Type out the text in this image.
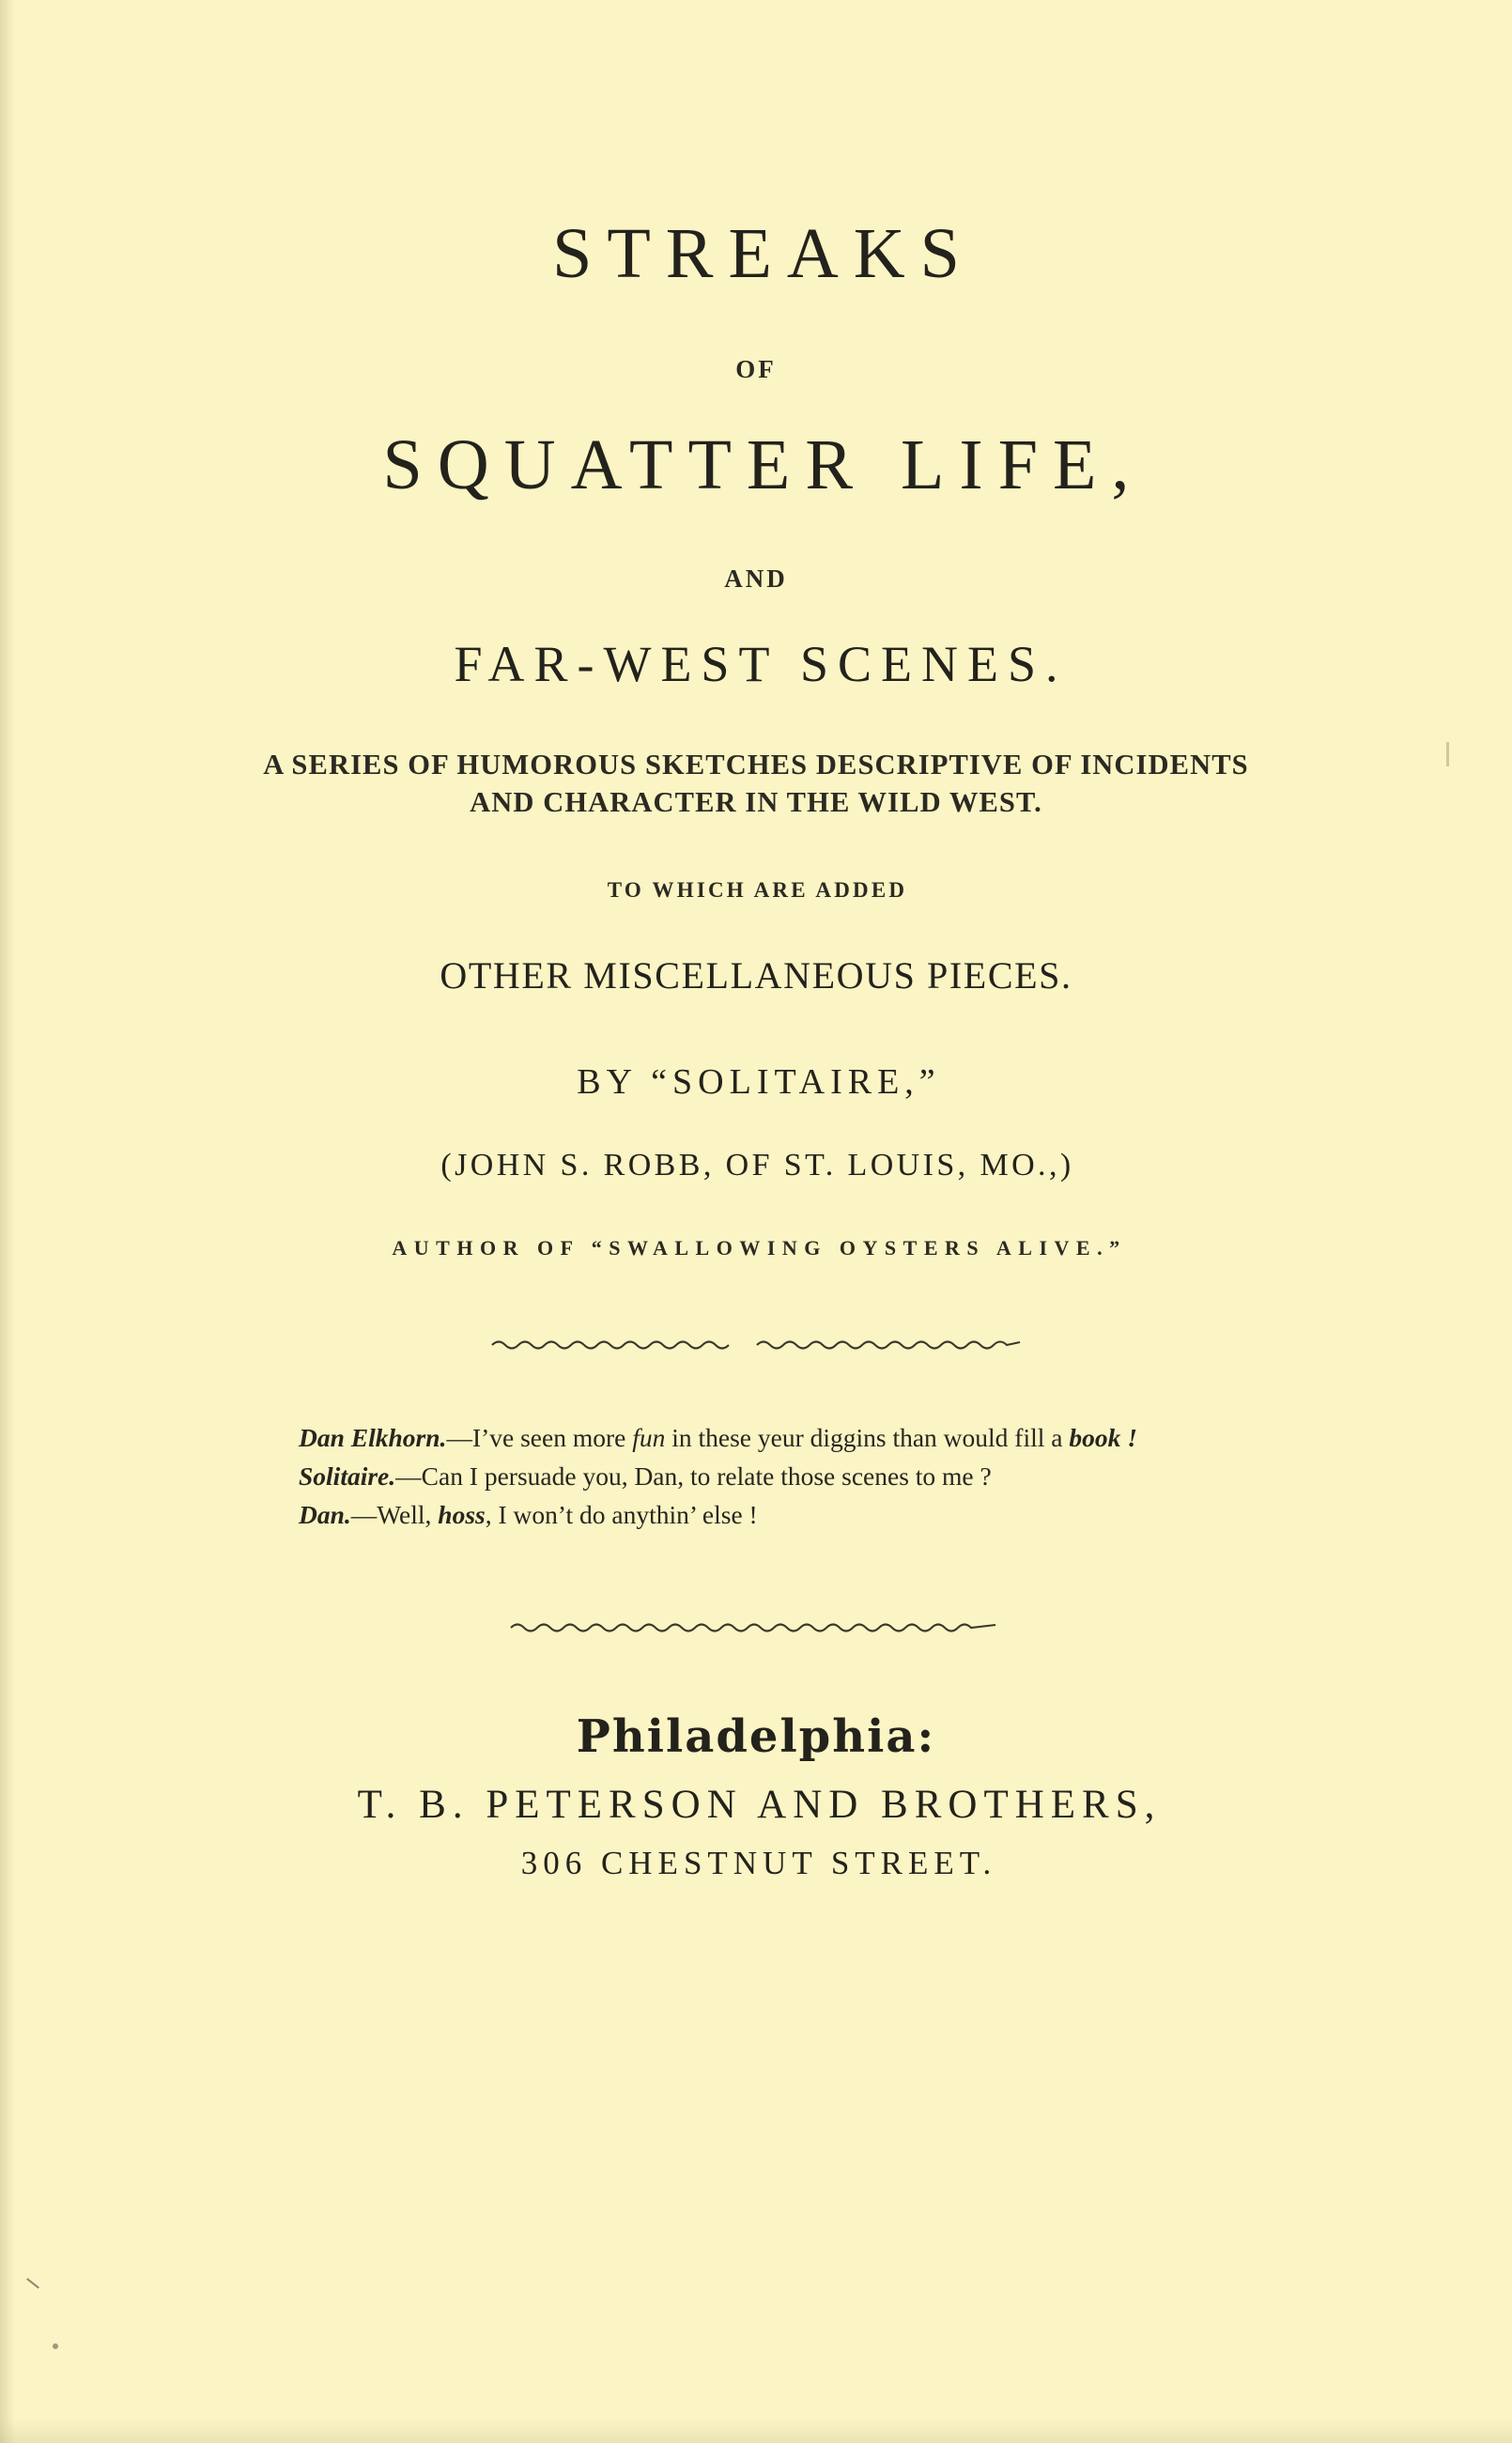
STREAKS
OF
SQUATTER LIFE,
AND
FAR-WEST SCENES.
A SERIES OF HUMOROUS SKETCHES DESCRIPTIVE OF INCIDENTS
AND CHARACTER IN THE WILD WEST.
TO WHICH ARE ADDED
OTHER MISCELLANEOUS PIECES.
BY “SOLITAIRE,”
(JOHN S. ROBB, OF ST. LOUIS, MO.,)
AUTHOR OF “SWALLOWING OYSTERS ALIVE.”
Dan Elkhorn.—I’ve seen more fun in these yeur diggins than would fill a book !
Solitaire.—Can I persuade you, Dan, to relate those scenes to me ?
Dan.—Well, hoss, I won’t do anythin’ else !
Philadelphia:
T. B. PETERSON AND BROTHERS,
306 CHESTNUT STREET.
